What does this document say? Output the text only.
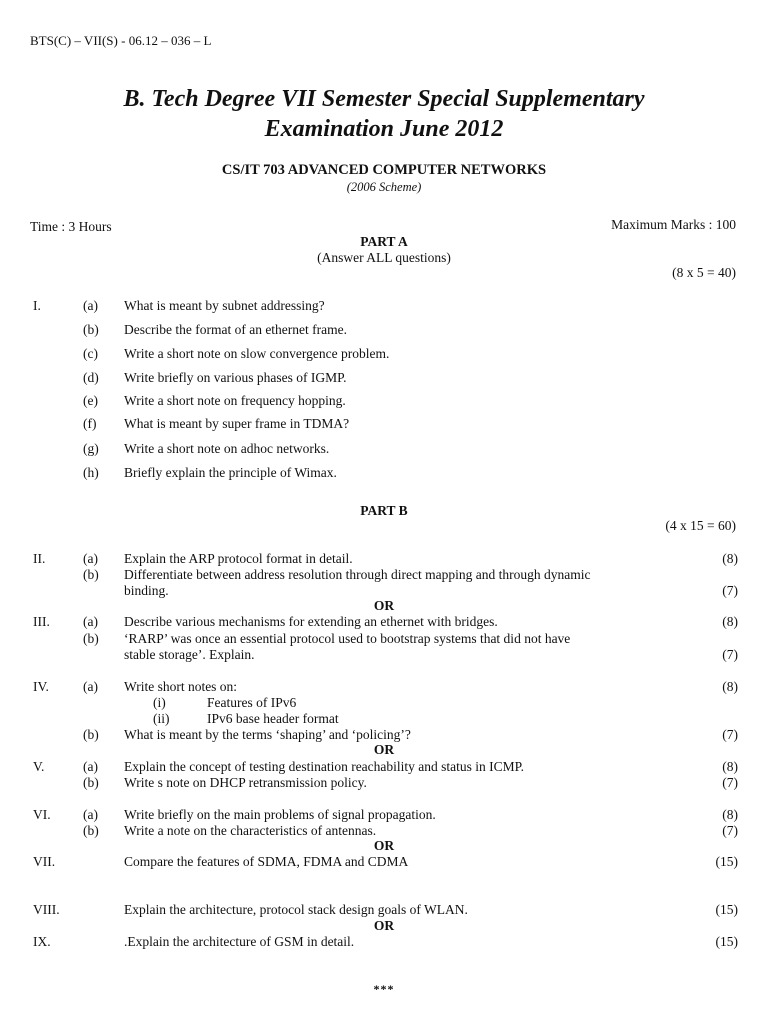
BTS(C) – VII(S) - 06.12 – 036 – L
B. Tech Degree VII Semester Special Supplementary
Examination June 2012
CS/IT 703 ADVANCED COMPUTER NETWORKS
(2006 Scheme)
Time : 3 Hours	Maximum Marks : 100
PART A
(Answer ALL questions)
(8 x 5 = 40)
I.	(a) What is meant by subnet addressing?
(b) Describe the format of an ethernet frame.
(c) Write a short note on slow convergence problem.
(d) Write briefly on various phases of IGMP.
(e) Write a short note on frequency hopping.
(f) What is meant by super frame in TDMA?
(g) Write a short note on adhoc networks.
(h) Briefly explain the principle of Wimax.
PART B
(4 x 15 = 60)
II.	(a) Explain the ARP protocol format in detail.	(8)
(b) Differentiate between address resolution through direct mapping and through dynamic
binding.	(7)
OR
III. (a) Describe various mechanisms for extending an ethernet with bridges.	(8)
(b) ‘RARP’ was once an essential protocol used to bootstrap systems that did not have
stable storage’. Explain.	(7)
IV.	(a) Write short notes on:	(8)
(i)	Features of IPv6
(ii)	IPv6 base header format
(b) What is meant by the terms ‘shaping’ and ‘policing’?	(7)
OR
V.	(a) Explain the concept of testing destination reachability and status in ICMP.	(8)
(b) Write s note on DHCP retransmission policy.	(7)
VI. (a) Write briefly on the main problems of signal propagation.	(8)
(b) Write a note on the characteristics of antennas.	(7)
OR
VII.	Compare the features of SDMA, FDMA and CDMA	(15)
VIII.	Explain the architecture, protocol stack design goals of WLAN.	(15)
OR
IX.	.Explain the architecture of GSM in detail.	(15)
***
